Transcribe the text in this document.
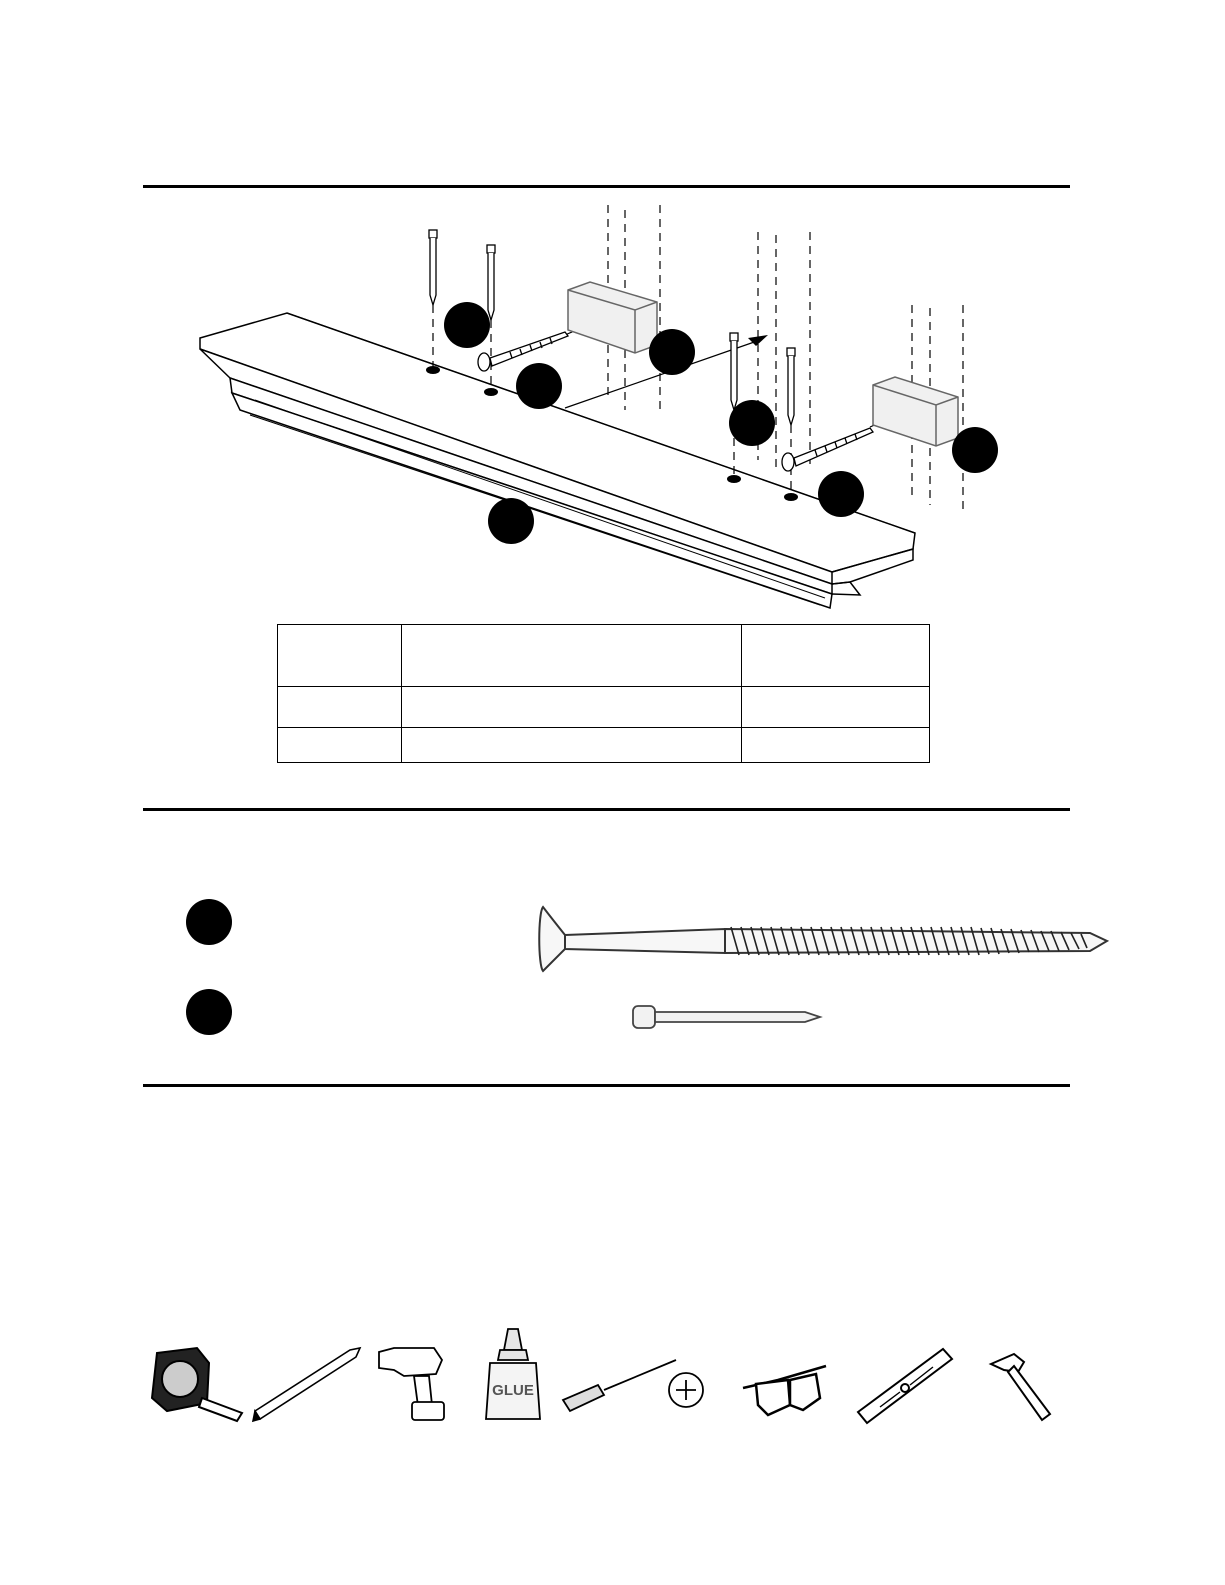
GLUE
